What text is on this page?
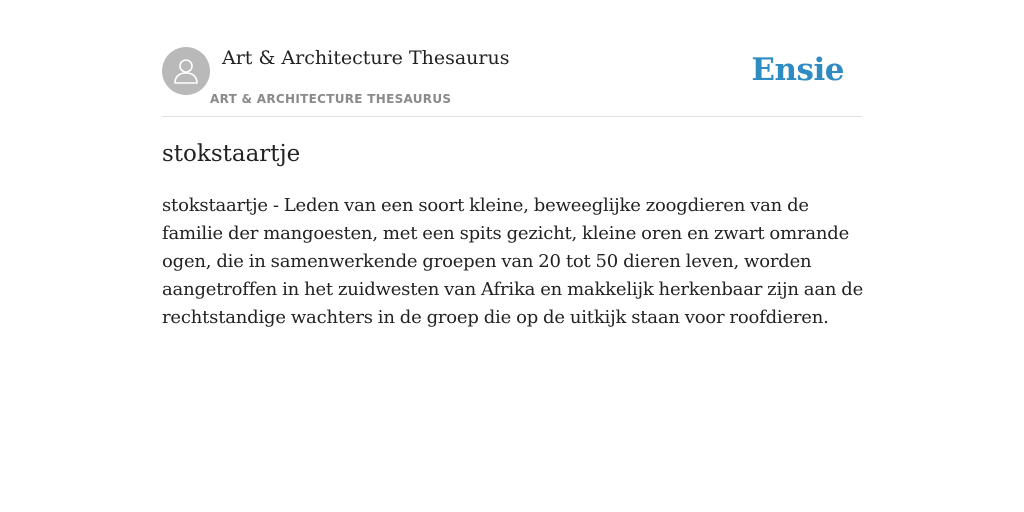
Art & Architecture Thesaurus
ART & ARCHITECTURE THESAURUS
Ensie
stokstaartje

stokstaartje - Leden van een soort kleine, beweeglijke zoogdieren van de familie der mangoesten, met een spits gezicht, kleine oren en zwart omrande ogen, die in samenwerkende groepen van 20 tot 50 dieren leven, worden aangetroffen in het zuidwesten van Afrika en makkelijk herkenbaar zijn aan de rechtstandige wachters in de groep die op de uitkijk staan voor roofdieren.
